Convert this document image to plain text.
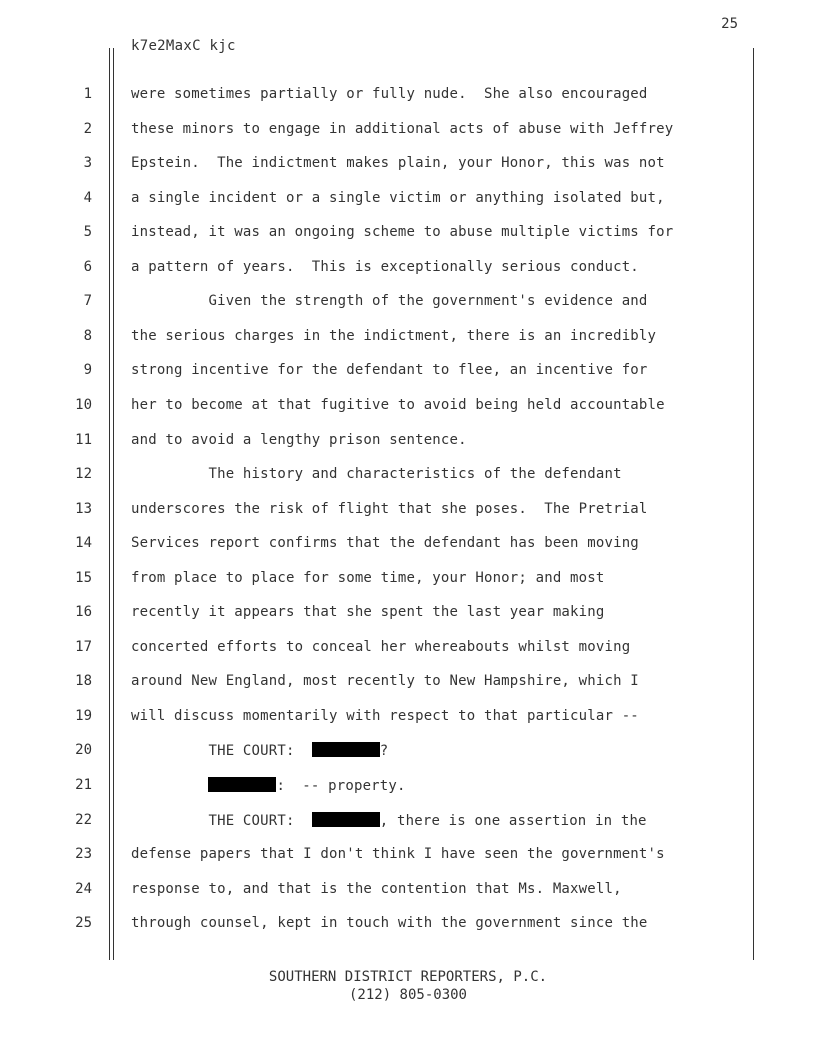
25
k7e2MaxC kjc
1	were sometimes partially or fully nude.  She also encouraged
2	these minors to engage in additional acts of abuse with Jeffrey
3	Epstein.  The indictment makes plain, your Honor, this was not
4	a single incident or a single victim or anything isolated but,
5	instead, it was an ongoing scheme to abuse multiple victims for
6	a pattern of years.  This is exceptionally serious conduct.
7	Given the strength of the government's evidence and
8	the serious charges in the indictment, there is an incredibly
9	strong incentive for the defendant to flee, an incentive for
10	her to become at that fugitive to avoid being held accountable
11	and to avoid a lengthy prison sentence.
12	The history and characteristics of the defendant
13	underscores the risk of flight that she poses.  The Pretrial
14	Services report confirms that the defendant has been moving
15	from place to place for some time, your Honor; and most
16	recently it appears that she spent the last year making
17	concerted efforts to conceal her whereabouts whilst moving
18	around New England, most recently to New Hampshire, which I
19	will discuss momentarily with respect to that particular --
20	THE COURT:	?
21	:  -- property.
22	THE COURT:	, there is one assertion in the
23	defense papers that I don't think I have seen the government's
24	response to, and that is the contention that Ms. Maxwell,
25	through counsel, kept in touch with the government since the
SOUTHERN DISTRICT REPORTERS, P.C.
(212) 805-0300
